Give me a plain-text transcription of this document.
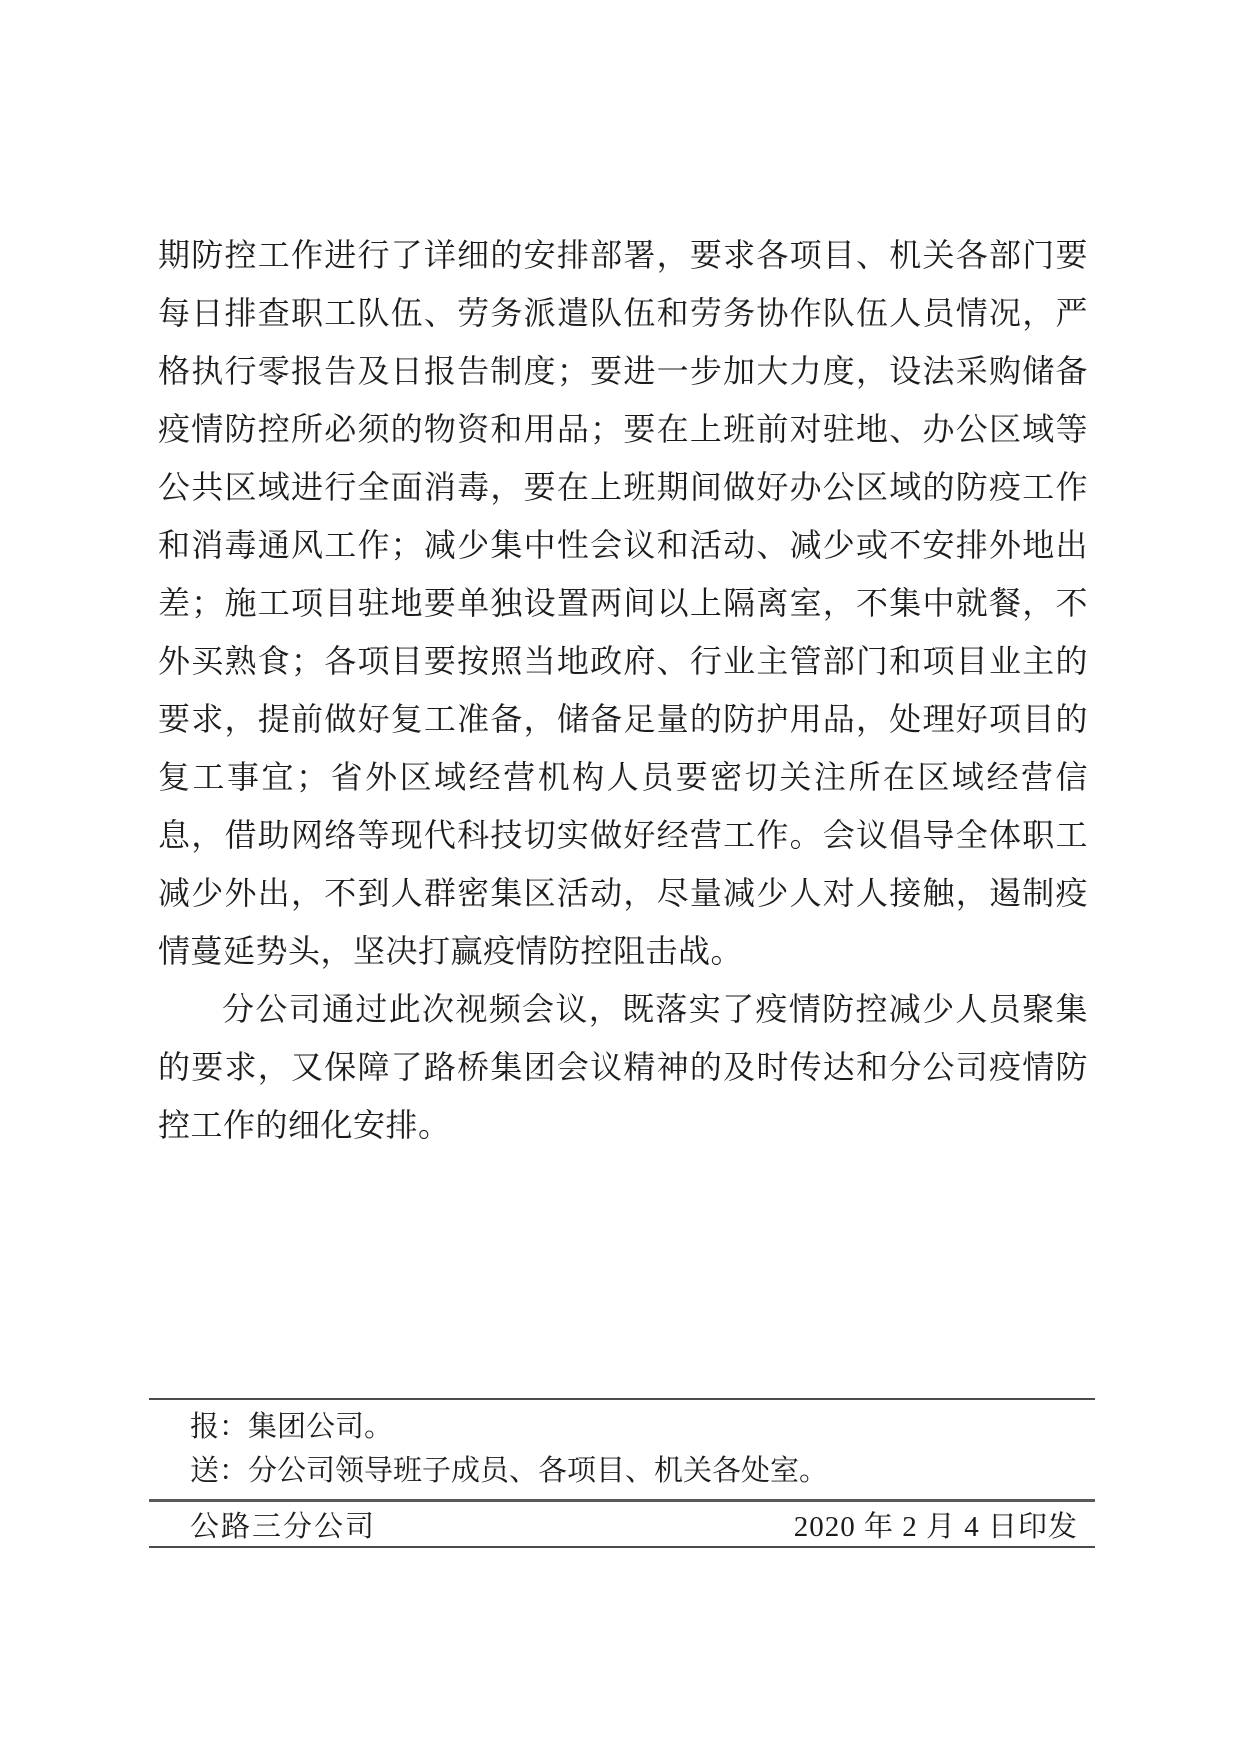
期防控工作进行了详细的安排部署，要求各项目、机关各部门要
每日排查职工队伍、劳务派遣队伍和劳务协作队伍人员情况，严
格执行零报告及日报告制度；要进一步加大力度，设法采购储备
疫情防控所必须的物资和用品；要在上班前对驻地、办公区域等
公共区域进行全面消毒，要在上班期间做好办公区域的防疫工作
和消毒通风工作；减少集中性会议和活动、减少或不安排外地出
差；施工项目驻地要单独设置两间以上隔离室，不集中就餐，不
外买熟食；各项目要按照当地政府、行业主管部门和项目业主的
要求，提前做好复工准备，储备足量的防护用品，处理好项目的
复工事宜；省外区域经营机构人员要密切关注所在区域经营信
息，借助网络等现代科技切实做好经营工作。会议倡导全体职工
减少外出，不到人群密集区活动，尽量减少人对人接触，遏制疫
情蔓延势头，坚决打赢疫情防控阻击战。
分公司通过此次视频会议，既落实了疫情防控减少人员聚集
的要求，又保障了路桥集团会议精神的及时传达和分公司疫情防
控工作的细化安排。
报：集团公司。
送：分公司领导班子成员、各项目、机关各处室。
公路三分公司	2020 年 2 月 4 日印发
